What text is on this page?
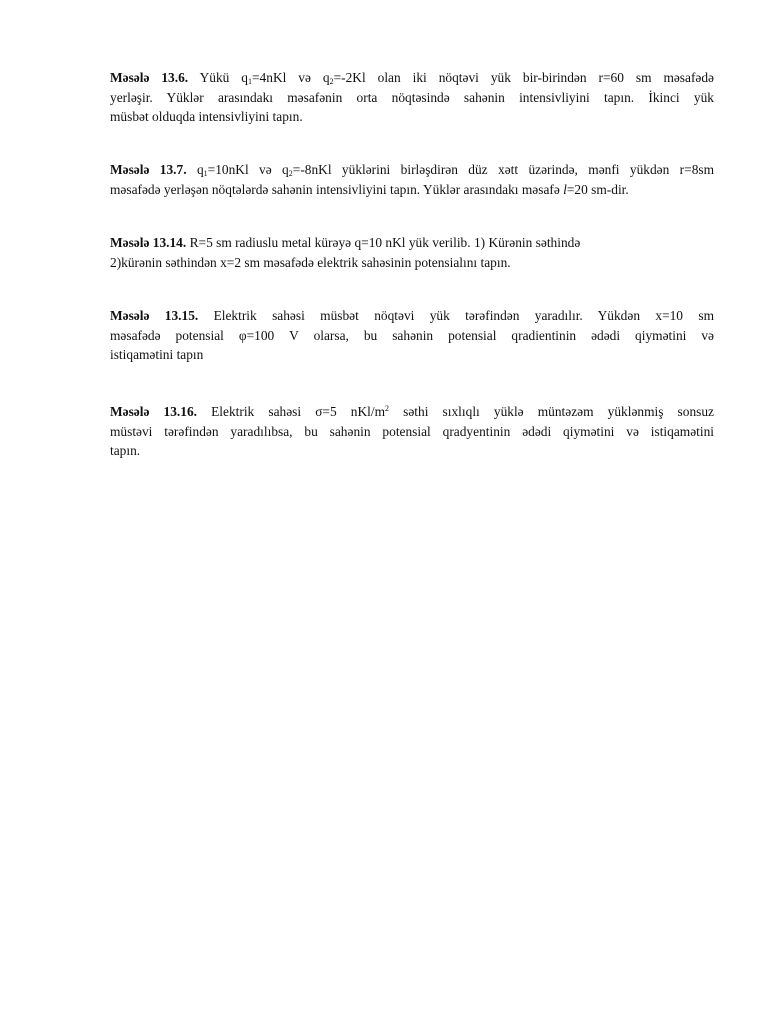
Məsələ 13.6. Yükü $q_1=4nKl$ və $q_2=-2Kl$ olan iki nöqtəvi yük bir-birindən r=60 sm məsafədə
yerləşir. Yüklər arasındakı məsafənin orta nöqtəsində sahənin intensivliyini tapın. İkinci yük
müsbət olduqda intensivliyini tapın.
Məsələ 13.7. $q_1=10nKl$ və $q_2=-8nKl$ yüklərini birləşdirən düz xətt üzərində, mənfi yükdən r=8sm
məsafədə yerləşən nöqtələrdə sahənin intensivliyini tapın. Yüklər arasındakı məsafə l=20 sm-dir.
Məsələ 13.14. R=5 sm radiuslu metal kürəyə q=10 nKl yük verilib. 1) Kürənin səthində
2)kürənin səthindən x=2 sm məsafədə elektrik sahəsinin potensialını tapın.
Məsələ 13.15. Elektrik sahəsi müsbət nöqtəvi yük tərəfindən yaradılır. Yükdən x=10 sm
məsafədə potensial φ=100 V olarsa, bu sahənin potensial qradientinin ədədi qiymətini və
istiqamətini tapın
Məsələ 13.16. Elektrik sahəsi σ=5 nKl/$m^2$ səthi sıxlıqlı yüklə müntəzəm yüklənmiş sonsuz
müstəvi tərəfindən yaradılıbsa, bu sahənin potensial qradyentinin ədədi qiymətini və istiqamətini
tapın.
